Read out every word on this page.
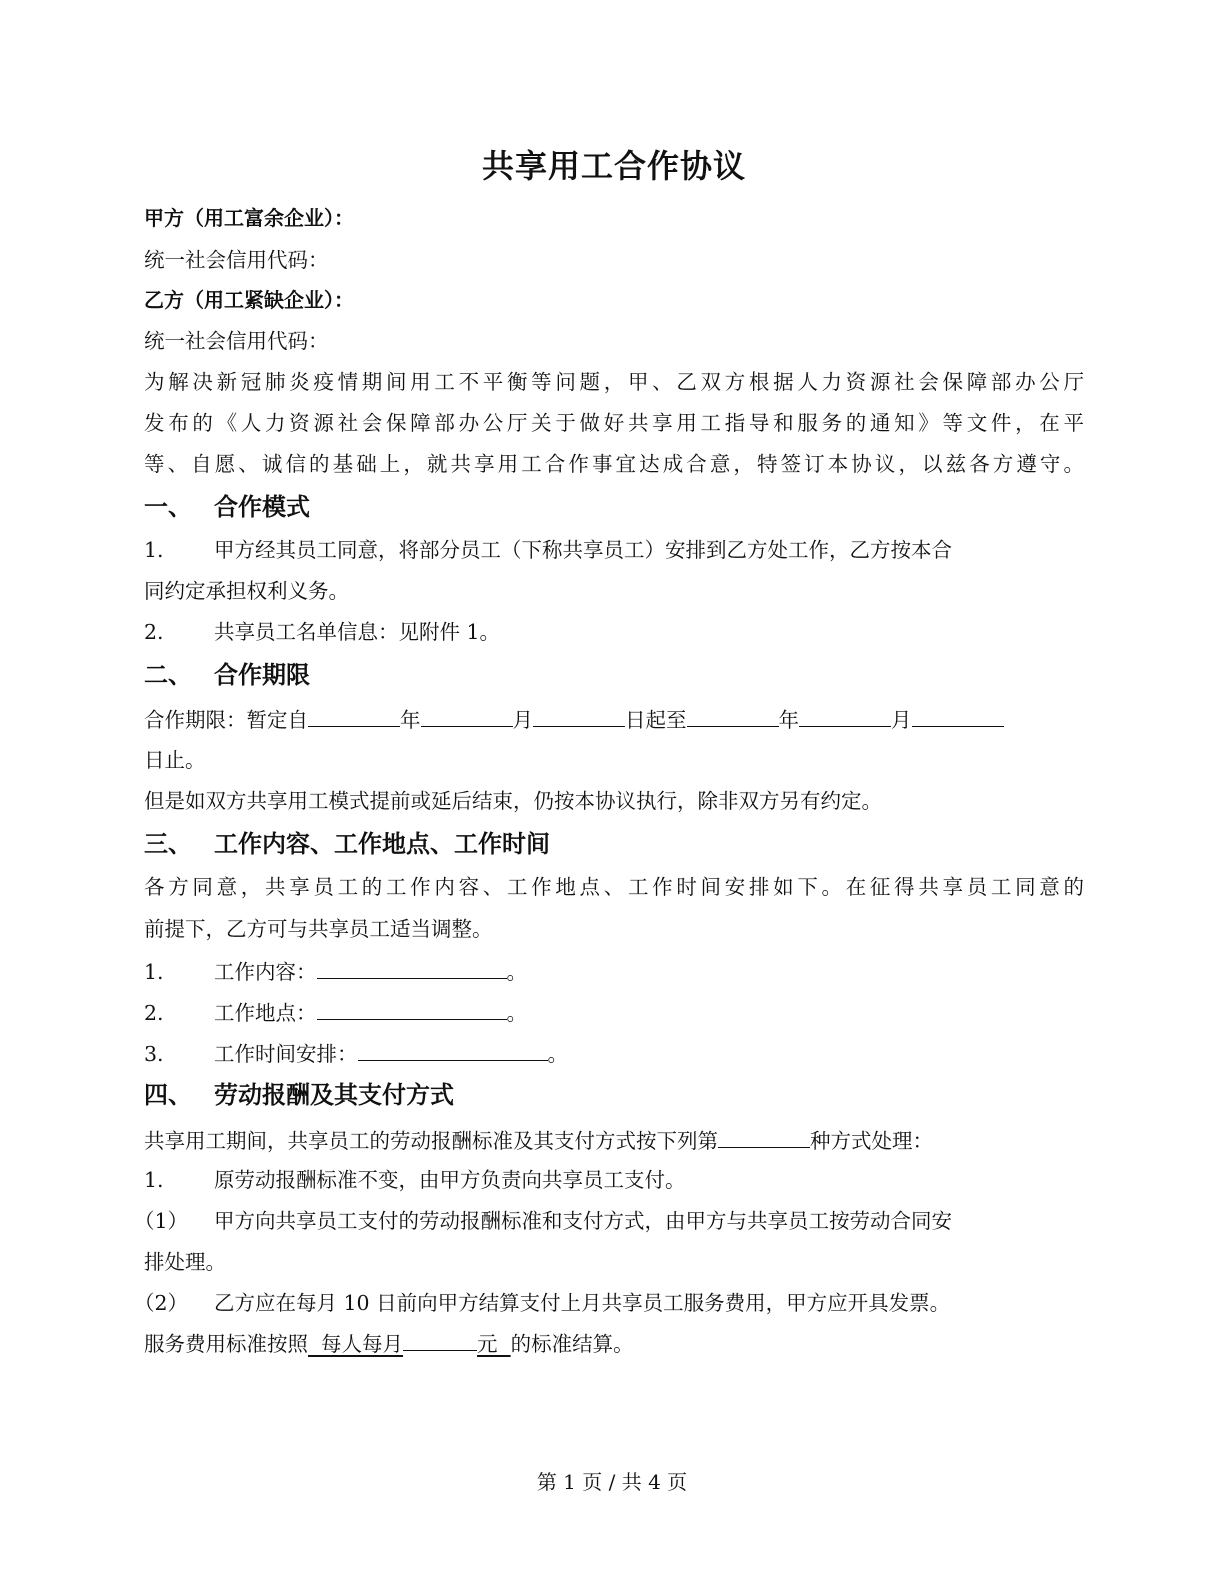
共享用工合作协议
甲方（用工富余企业）：
统一社会信用代码：
乙方（用工紧缺企业）：
统一社会信用代码：
为解决新冠肺炎疫情期间用工不平衡等问题，甲、乙双方根据人力资源社会保障部办公厅
发布的《人力资源社会保障部办公厅关于做好共享用工指导和服务的通知》等文件，在平
等、自愿、诚信的基础上，就共享用工合作事宜达成合意，特签订本协议，以兹各方遵守。
一、 合作模式
1. 甲方经其员工同意，将部分员工（下称共享员工）安排到乙方处工作，乙方按本合
同约定承担权利义务。
2. 共享员工名单信息：见附件 1。
二、 合作期限
合作期限：暂定自	年	月	日起至	年	月
日止。
但是如双方共享用工模式提前或延后结束，仍按本协议执行，除非双方另有约定。
三、 工作内容、工作地点、工作时间
各方同意，共享员工的工作内容、工作地点、工作时间安排如下。在征得共享员工同意的
前提下，乙方可与共享员工适当调整。
1. 工作内容：	。
2. 工作地点：	。
3. 工作时间安排：	。
四、 劳动报酬及其支付方式
共享用工期间，共享员工的劳动报酬标准及其支付方式按下列第	种方式处理：
1. 原劳动报酬标准不变，由甲方负责向共享员工支付。
（1） 甲方向共享员工支付的劳动报酬标准和支付方式，由甲方与共享员工按劳动合同安
排处理。
（2） 乙方应在每月 10 日前向甲方结算支付上月共享员工服务费用，甲方应开具发票。
服务费用标准按照  每人每月	元  的标准结算。
第 1 页 / 共 4 页
